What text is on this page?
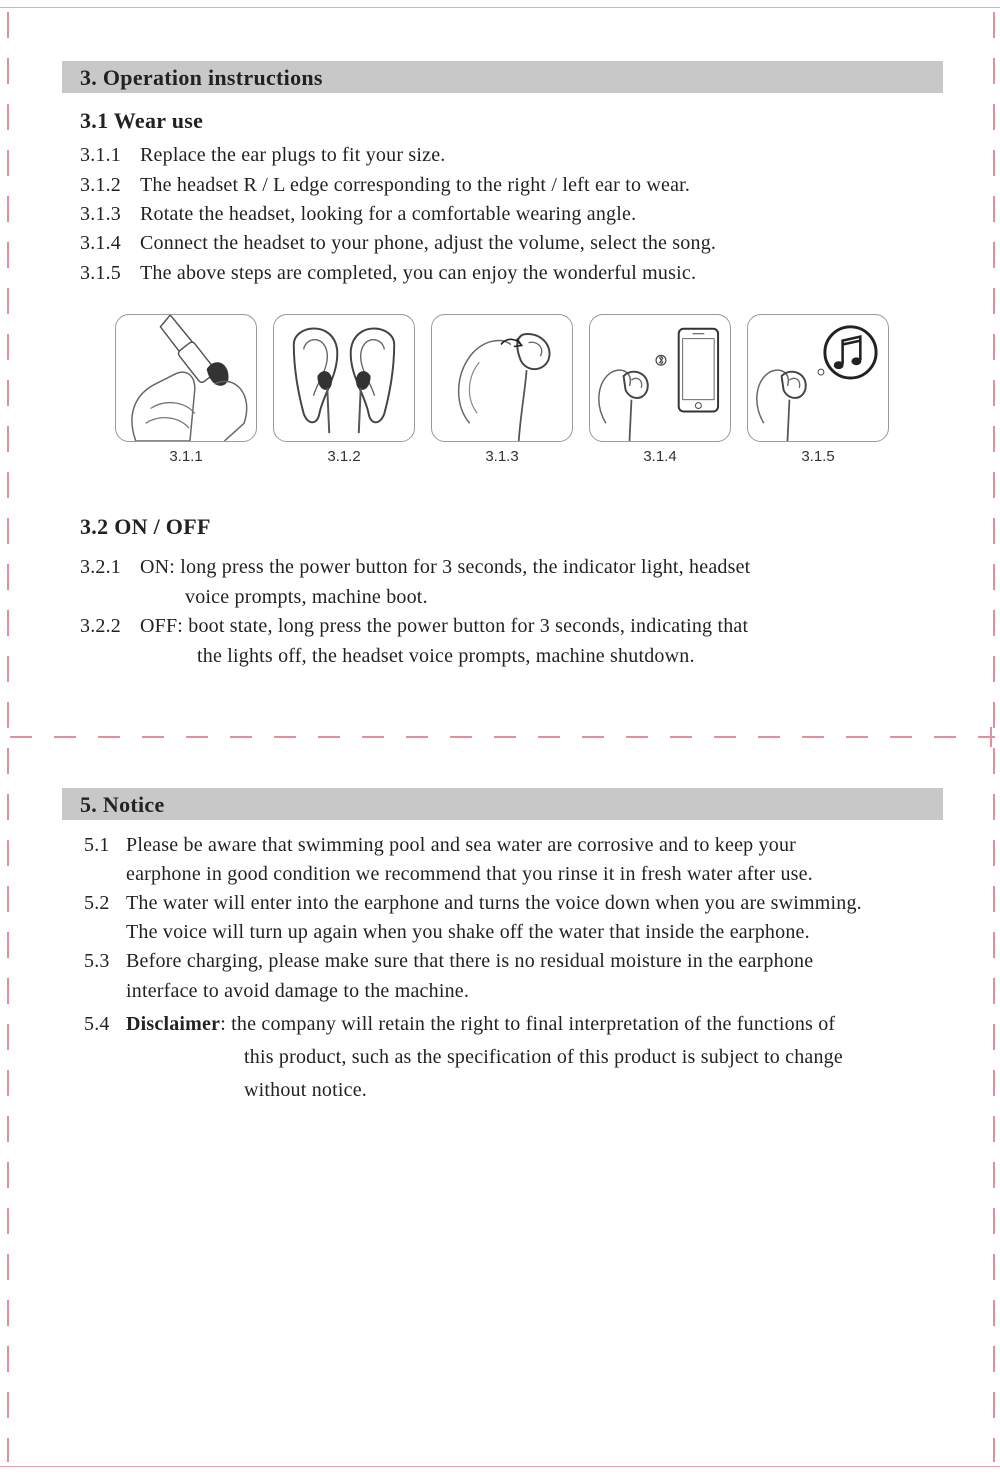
3. Operation instructions
3.1 Wear use
3.1.1 Replace the ear plugs to fit your size.
3.1.2 The headset R / L edge corresponding to the right / left ear to wear.
3.1.3 Rotate the headset, looking for a comfortable wearing angle.
3.1.4 Connect the headset to your phone, adjust the volume, select the song.
3.1.5 The above steps are completed, you can enjoy the wonderful music.
3.1.1	3.1.2	3.1.3	3.1.4	3.1.5
3.2 ON / OFF
3.2.1 ON: long press the power button for 3 seconds, the indicator light, headset
voice prompts, machine boot.
3.2.2 OFF: boot state, long press the power button for 3 seconds, indicating that
the lights off, the headset voice prompts, machine shutdown.
5. Notice
5.1 Please be aware that swimming pool and sea water are corrosive and to keep your
earphone in good condition we recommend that you rinse it in fresh water after use.
5.2 The water will enter into the earphone and turns the voice down when you are swimming.
The voice will turn up again when you shake off the water that inside the earphone.
5.3 Before charging, please make sure that there is no residual moisture in the earphone
interface to avoid damage to the machine.
5.4 Disclaimer: the company will retain the right to final interpretation of the functions of
this product, such as the specification of this product is subject to change
without notice.
